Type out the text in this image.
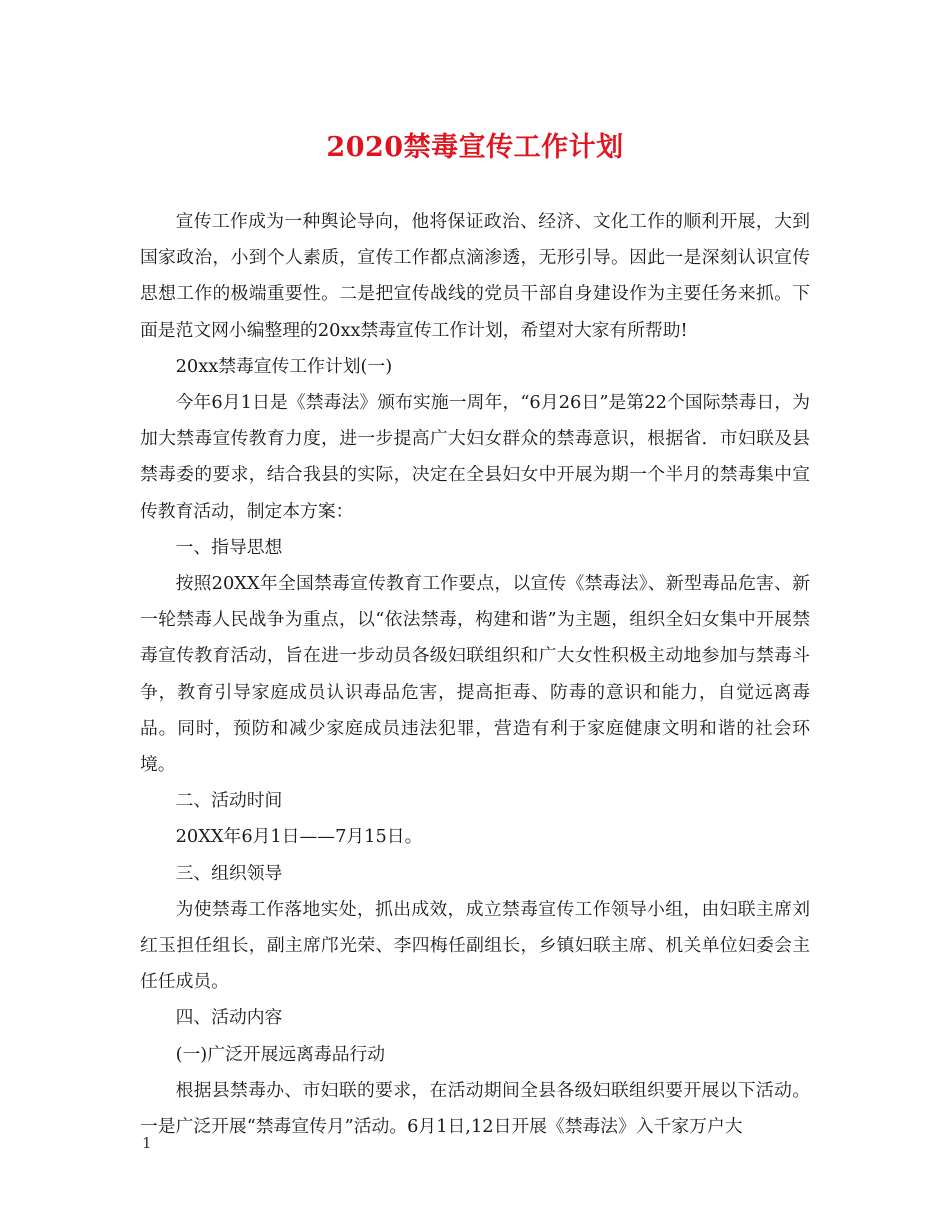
2020禁毒宣传工作计划

宣传工作成为一种舆论导向，他将保证政治、经济、文化工作的顺利开展，大到国家政治，小到个人素质，宣传工作都点滴渗透，无形引导。因此一是深刻认识宣传思想工作的极端重要性。二是把宣传战线的党员干部自身建设作为主要任务来抓。下面是范文网小编整理的20xx禁毒宣传工作计划，希望对大家有所帮助!

20xx禁毒宣传工作计划(一)

今年6月1日是《禁毒法》颁布实施一周年，“6月26日”是第22个国际禁毒日，为加大禁毒宣传教育力度，进一步提高广大妇女群众的禁毒意识，根据省．市妇联及县禁毒委的要求，结合我县的实际，决定在全县妇女中开展为期一个半月的禁毒集中宣传教育活动，制定本方案：

一、指导思想

按照20XX年全国禁毒宣传教育工作要点，以宣传《禁毒法》、新型毒品危害、新一轮禁毒人民战争为重点，以“依法禁毒，构建和谐”为主题，组织全妇女集中开展禁毒宣传教育活动，旨在进一步动员各级妇联组织和广大女性积极主动地参加与禁毒斗争，教育引导家庭成员认识毒品危害，提高拒毒、防毒的意识和能力，自觉远离毒品。同时，预防和减少家庭成员违法犯罪，营造有利于家庭健康文明和谐的社会环境。

二、活动时间

20XX年6月1日——7月15日。

三、组织领导

为使禁毒工作落地实处，抓出成效，成立禁毒宣传工作领导小组，由妇联主席刘红玉担任组长，副主席邝光荣、李四梅任副组长，乡镇妇联主席、机关单位妇委会主任任成员。

四、活动内容

(一)广泛开展远离毒品行动

根据县禁毒办、市妇联的要求，在活动期间全县各级妇联组织要开展以下活动。一是广泛开展“禁毒宣传月”活动。6月1日,12日开展《禁毒法》入千家万户大

1
